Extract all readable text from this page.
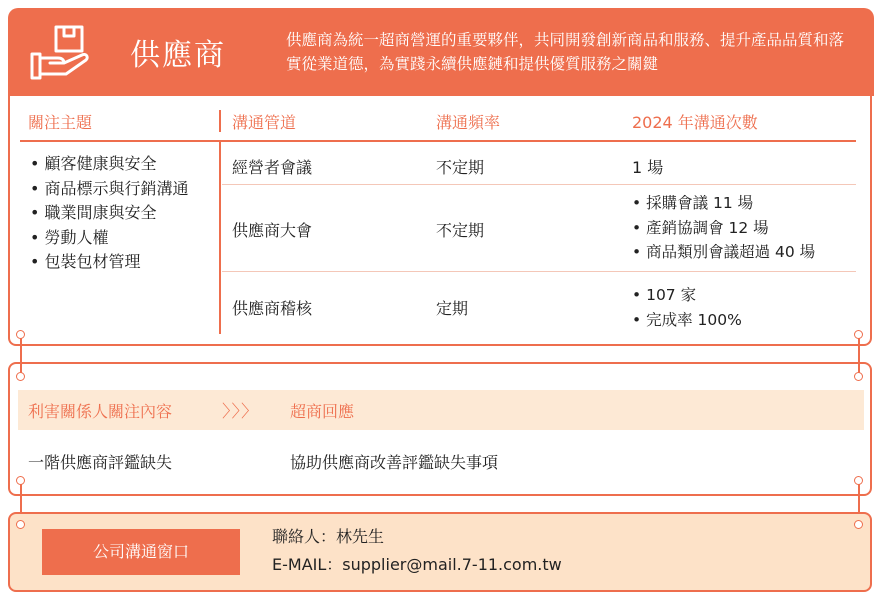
供應商	供應商為統一超商營運的重要夥伴，共同開發創新商品和服務、提升產品品質和落實從業道德，為實踐永續供應鏈和提供優質服務之關鍵
關注主題	溝通管道	溝通頻率	2024 年溝通次數
• 顧客健康與安全
• 商品標示與行銷溝通
• 職業間康與安全
• 勞動人權
• 包裝包材管理
經營者會議	不定期	1 場
供應商大會	不定期
• 採購會議 11 場
• 產銷協調會 12 場
• 商品類別會議超過 40 場
供應商稽核	定期
• 107 家
• 完成率 100%
利害關係人關注內容	〉〉〉 超商回應
一階供應商評鑑缺失	協助供應商改善評鑑缺失事項
公司溝通窗口
聯絡人：林先生
E-MAIL：supplier@mail.7-11.com.tw
